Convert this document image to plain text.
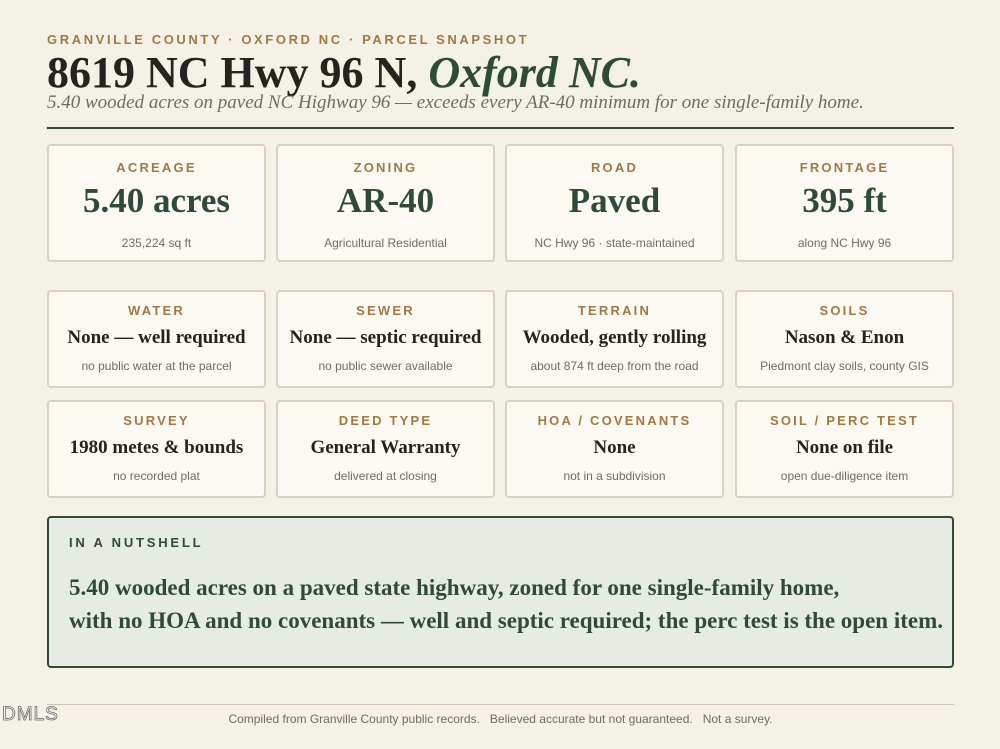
GRANVILLE COUNTY · OXFORD NC · PARCEL SNAPSHOT
8619 NC Hwy 96 N, Oxford NC.
5.40 wooded acres on paved NC Highway 96 — exceeds every AR-40 minimum for one single-family home.
ACREAGE
5.40 acres
235,224 sq ft
ZONING
AR-40
Agricultural Residential
ROAD
Paved
NC Hwy 96 · state-maintained
FRONTAGE
395 ft
along NC Hwy 96
WATER
None — well required
no public water at the parcel
SEWER
None — septic required
no public sewer available
TERRAIN
Wooded, gently rolling
about 874 ft deep from the road
SOILS
Nason & Enon
Piedmont clay soils, county GIS
SURVEY
1980 metes & bounds
no recorded plat
DEED TYPE
General Warranty
delivered at closing
HOA / COVENANTS
None
not in a subdivision
SOIL / PERC TEST
None on file
open due-diligence item
IN A NUTSHELL
5.40 wooded acres on a paved state highway, zoned for one single-family home,
with no HOA and no covenants — well and septic required; the perc test is the open item.
Compiled from Granville County public records.   Believed accurate but not guaranteed.   Not a survey.
DMLS
